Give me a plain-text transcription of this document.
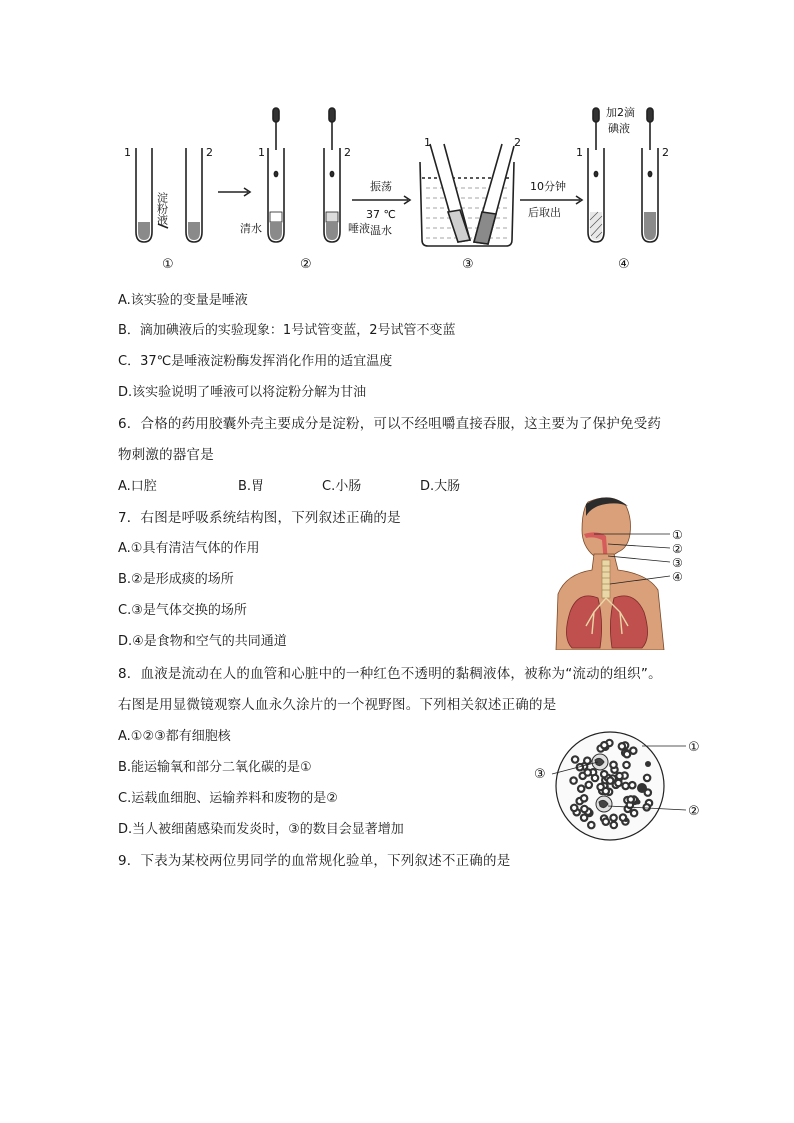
1	2	1	2
1	2
1	2
淀粉液
清水	唾液
振荡
37 ℃
温水
10分钟
后取出
加2滴
碘液
①	②	③	④
A.该实验的变量是唾液
B．滴加碘液后的实验现象：1号试管变蓝，2号试管不变蓝
C．37℃是唾液淀粉酶发挥消化作用的适宜温度
D.该实验说明了唾液可以将淀粉分解为甘油
6．合格的药用胶囊外壳主要成分是淀粉，可以不经咀嚼直接吞服，这主要为了保护免受药
物刺激的器官是
A.口腔	B.胃	C.小肠	D.大肠
7．右图是呼吸系统结构图，下列叙述正确的是
A.①具有清洁气体的作用
B.②是形成痰的场所
C.③是气体交换的场所
D.④是食物和空气的共同通道
①
②
③
④
8．血液是流动在人的血管和心脏中的一种红色不透明的黏稠液体，被称为“流动的组织”。
右图是用显微镜观察人血永久涂片的一个视野图。下列相关叙述正确的是
A.①②③都有细胞核
B.能运输氧和部分二氧化碳的是①
C.运载血细胞、运输养料和废物的是②
D.当人被细菌感染而发炎时，③的数目会显著增加
①
③
②
9．下表为某校两位男同学的血常规化验单，下列叙述不正确的是
